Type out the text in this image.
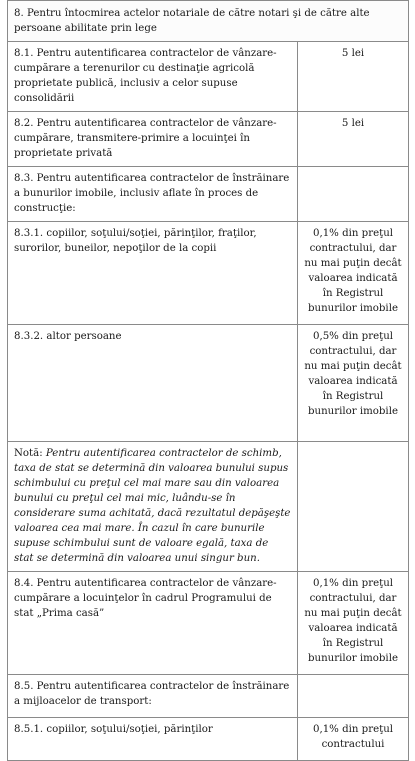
8. Pentru întocmirea actelor notariale de către notari şi de către alte persoane abilitate prin lege	
8.1. Pentru autentificarea contractelor de vânzare-cumpărare a terenurilor cu destinaţie agricolă proprietate publică, inclusiv a celor supuse consolidării	5 lei
8.2. Pentru autentificarea contractelor de vânzare-cumpărare, transmitere-primire a locuinţei în proprietate privată	5 lei
8.3. Pentru autentificarea contractelor de înstrăinare a bunurilor imobile, inclusiv aflate în proces de construcţie:	
8.3.1. copiilor, soţului/soţiei, părinţilor, fraţilor, surorilor, buneilor, nepoţilor de la copii	0,1% din preţul contractului, dar nu mai puţin decât valoarea indicată în Registrul bunurilor imobile
8.3.2. altor persoane	0,5% din preţul contractului, dar nu mai puţin decât valoarea indicată în Registrul bunurilor imobile
Notă: Pentru autentificarea contractelor de schimb, taxa de stat se determină din valoarea bunului supus schimbului cu preţul cel mai mare sau din valoarea bunului cu preţul cel mai mic, luându-se în considerare suma achitată, dacă rezultatul depăşeşte valoarea cea mai mare. În cazul în care bunurile supuse schimbului sunt de valoare egală, taxa de stat se determină din valoarea unui singur bun.	
8.4. Pentru autentificarea contractelor de vânzare-cumpărare a locuinţelor în cadrul Programului de stat „Prima casă”	0,1% din preţul contractului, dar nu mai puţin decât valoarea indicată în Registrul bunurilor imobile
8.5. Pentru autentificarea contractelor de înstrăinare a mijloacelor de transport:	
8.5.1. copiilor, soţului/soţiei, părinţilor	0,1% din preţul contractului
